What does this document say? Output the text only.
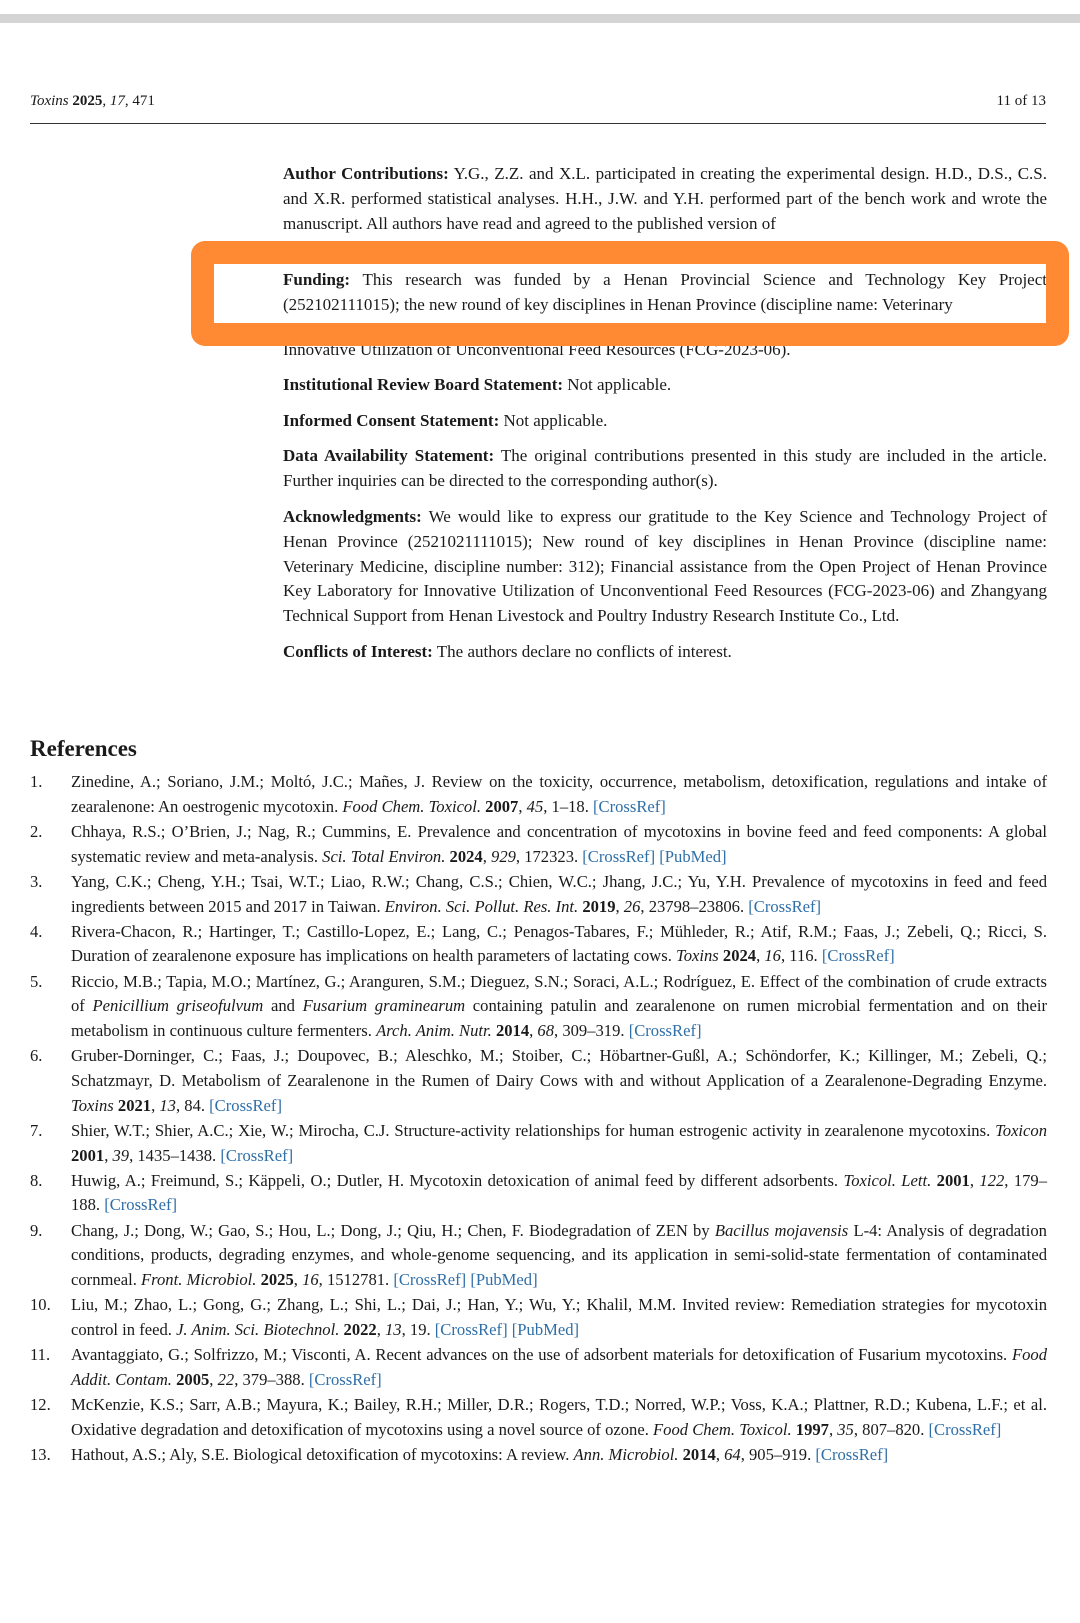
Toxins 2025, 17, 471	11 of 13

Author Contributions: Y.G., Z.Z. and X.L. participated in creating the experimental design. H.D., D.S., C.S. and X.R. performed statistical analyses. H.H., J.W. and Y.H. performed part of the bench work and wrote the manuscript. All authors have read and agreed to the published version of

Funding: This research was funded by a Henan Provincial Science and Technology Key Project (252102111015); the new round of key disciplines in Henan Province (discipline name: Veterinary

Innovative Utilization of Unconventional Feed Resources (FCG-2023-06).

Institutional Review Board Statement: Not applicable.

Informed Consent Statement: Not applicable.

Data Availability Statement: The original contributions presented in this study are included in the article. Further inquiries can be directed to the corresponding author(s).

Acknowledgments: We would like to express our gratitude to the Key Science and Technology Project of Henan Province (2521021111015); New round of key disciplines in Henan Province (discipline name: Veterinary Medicine, discipline number: 312); Financial assistance from the Open Project of Henan Province Key Laboratory for Innovative Utilization of Unconventional Feed Resources (FCG-2023-06) and Zhangyang Technical Support from Henan Livestock and Poultry Industry Research Institute Co., Ltd.

Conflicts of Interest: The authors declare no conflicts of interest.

References
1. Zinedine, A.; Soriano, J.M.; Moltó, J.C.; Mañes, J. Review on the toxicity, occurrence, metabolism, detoxification, regulations and intake of zearalenone: An oestrogenic mycotoxin. Food Chem. Toxicol. 2007, 45, 1–18. [CrossRef]
2. Chhaya, R.S.; O’Brien, J.; Nag, R.; Cummins, E. Prevalence and concentration of mycotoxins in bovine feed and feed components: A global systematic review and meta-analysis. Sci. Total Environ. 2024, 929, 172323. [CrossRef] [PubMed]
3. Yang, C.K.; Cheng, Y.H.; Tsai, W.T.; Liao, R.W.; Chang, C.S.; Chien, W.C.; Jhang, J.C.; Yu, Y.H. Prevalence of mycotoxins in feed and feed ingredients between 2015 and 2017 in Taiwan. Environ. Sci. Pollut. Res. Int. 2019, 26, 23798–23806. [CrossRef]
4. Rivera-Chacon, R.; Hartinger, T.; Castillo-Lopez, E.; Lang, C.; Penagos-Tabares, F.; Mühleder, R.; Atif, R.M.; Faas, J.; Zebeli, Q.; Ricci, S. Duration of zearalenone exposure has implications on health parameters of lactating cows. Toxins 2024, 16, 116. [CrossRef]
5. Riccio, M.B.; Tapia, M.O.; Martínez, G.; Aranguren, S.M.; Dieguez, S.N.; Soraci, A.L.; Rodríguez, E. Effect of the combination of crude extracts of Penicillium griseofulvum and Fusarium graminearum containing patulin and zearalenone on rumen microbial fermentation and on their metabolism in continuous culture fermenters. Arch. Anim. Nutr. 2014, 68, 309–319. [CrossRef]
6. Gruber-Dorninger, C.; Faas, J.; Doupovec, B.; Aleschko, M.; Stoiber, C.; Höbartner-Gußl, A.; Schöndorfer, K.; Killinger, M.; Zebeli, Q.; Schatzmayr, D. Metabolism of Zearalenone in the Rumen of Dairy Cows with and without Application of a Zearalenone-Degrading Enzyme. Toxins 2021, 13, 84. [CrossRef]
7. Shier, W.T.; Shier, A.C.; Xie, W.; Mirocha, C.J. Structure-activity relationships for human estrogenic activity in zearalenone mycotoxins. Toxicon 2001, 39, 1435–1438. [CrossRef]
8. Huwig, A.; Freimund, S.; Käppeli, O.; Dutler, H. Mycotoxin detoxication of animal feed by different adsorbents. Toxicol. Lett. 2001, 122, 179–188. [CrossRef]
9. Chang, J.; Dong, W.; Gao, S.; Hou, L.; Dong, J.; Qiu, H.; Chen, F. Biodegradation of ZEN by Bacillus mojavensis L-4: Analysis of degradation conditions, products, degrading enzymes, and whole-genome sequencing, and its application in semi-solid-state fermentation of contaminated cornmeal. Front. Microbiol. 2025, 16, 1512781. [CrossRef] [PubMed]
10. Liu, M.; Zhao, L.; Gong, G.; Zhang, L.; Shi, L.; Dai, J.; Han, Y.; Wu, Y.; Khalil, M.M. Invited review: Remediation strategies for mycotoxin control in feed. J. Anim. Sci. Biotechnol. 2022, 13, 19. [CrossRef] [PubMed]
11. Avantaggiato, G.; Solfrizzo, M.; Visconti, A. Recent advances on the use of adsorbent materials for detoxification of Fusarium mycotoxins. Food Addit. Contam. 2005, 22, 379–388. [CrossRef]
12. McKenzie, K.S.; Sarr, A.B.; Mayura, K.; Bailey, R.H.; Miller, D.R.; Rogers, T.D.; Norred, W.P.; Voss, K.A.; Plattner, R.D.; Kubena, L.F.; et al. Oxidative degradation and detoxification of mycotoxins using a novel source of ozone. Food Chem. Toxicol. 1997, 35, 807–820. [CrossRef]
13. Hathout, A.S.; Aly, S.E. Biological detoxification of mycotoxins: A review. Ann. Microbiol. 2014, 64, 905–919. [CrossRef]
